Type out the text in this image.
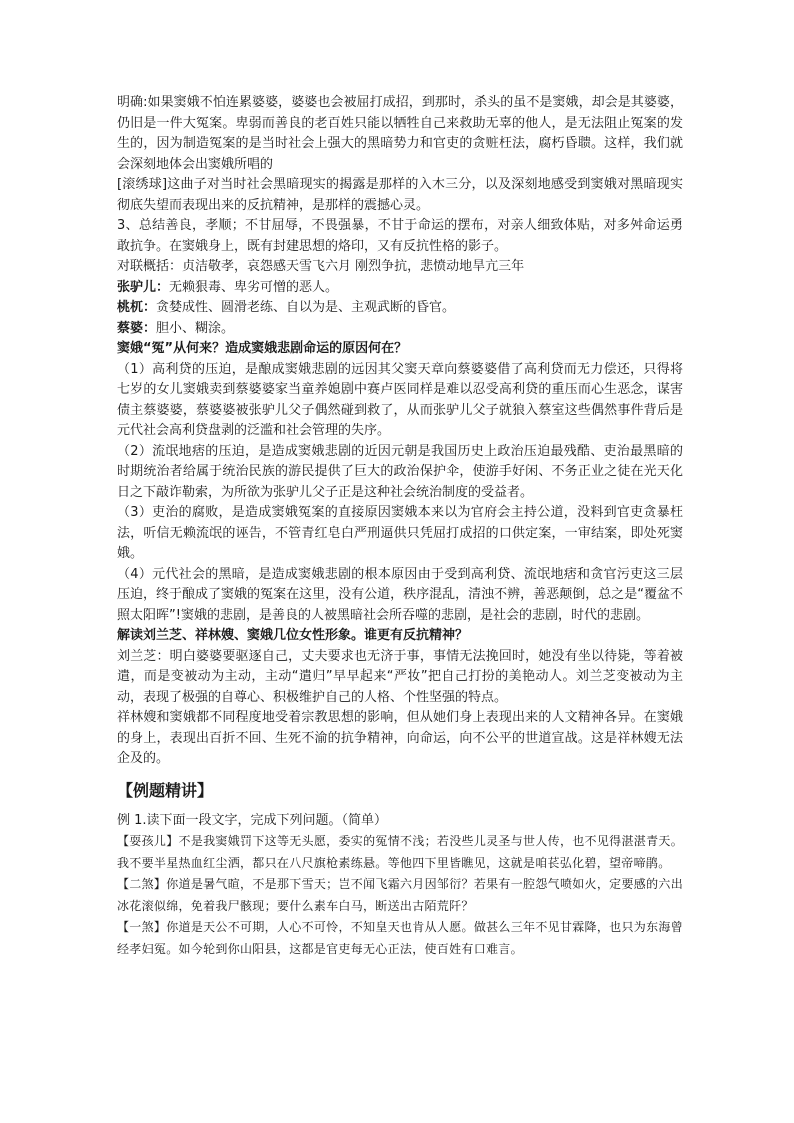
明确:如果窦娥不怕连累婆婆，婆婆也会被屈打成招，到那时，杀头的虽不是窦娥，却会是其婆婆，仍旧是一件大冤案。卑弱而善良的老百姓只能以牺牲自己来救助无辜的他人，是无法阻止冤案的发生的，因为制造冤案的是当时社会上强大的黑暗势力和官吏的贪赃枉法，腐朽昏聩。这样，我们就会深刻地体会出窦娥所唱的

[滚绣球]这曲子对当时社会黑暗现实的揭露是那样的入木三分，以及深刻地感受到窦娥对黑暗现实彻底失望而表现出来的反抗精神，是那样的震撼心灵。

3、总结善良，孝顺；不甘屈辱，不畏强暴，不甘于命运的摆布，对亲人细致体贴，对多舛命运勇敢抗争。在窦娥身上，既有封建思想的烙印，又有反抗性格的影子。

对联概括：贞洁敬孝，哀怨感天雪飞六月 刚烈争抗，悲愤动地旱亢三年

张驴儿：无赖狠毒、卑劣可憎的恶人。

桃杌：贪婪成性、圆滑老练、自以为是、主观武断的昏官。

蔡婆：胆小、糊涂。

窦娥“冤”从何来？造成窦娥悲剧命运的原因何在？

（1）高利贷的压迫，是酿成窦娥悲剧的远因其父窦天章向蔡婆婆借了高利贷而无力偿还，只得将七岁的女儿窦娥卖到蔡婆婆家当童养媳剧中赛卢医同样是难以忍受高利贷的重压而心生恶念，谋害债主蔡婆婆，蔡婆婆被张驴儿父子偶然碰到救了，从而张驴儿父子就狼入蔡室这些偶然事件背后是元代社会高利贷盘剥的泛滥和社会管理的失序。

（2）流氓地痞的压迫，是造成窦娥悲剧的近因元朝是我国历史上政治压迫最残酷、吏治最黑暗的时期统治者给属于统治民族的游民提供了巨大的政治保护伞，使游手好闲、不务正业之徒在光天化日之下敲诈勒索，为所欲为张驴儿父子正是这种社会统治制度的受益者。

（3）吏治的腐败，是造成窦娥冤案的直接原因窦娥本来以为官府会主持公道，没料到官吏贪暴枉法，听信无赖流氓的诬告，不管青红皂白严刑逼供只凭屈打成招的口供定案，一审结案，即处死窦娥。

（4）元代社会的黑暗，是造成窦娥悲剧的根本原因由于受到高利贷、流氓地痞和贪官污吏这三层压迫，终于酿成了窦娥的冤案在这里，没有公道，秩序混乱，清浊不辨，善恶颠倒，总之是“覆盆不照太阳晖”!窦娥的悲剧，是善良的人被黑暗社会所吞噬的悲剧，是社会的悲剧，时代的悲剧。

解读刘兰芝、祥林嫂、窦娥几位女性形象。谁更有反抗精神？

刘兰芝：明白婆婆要驱逐自己，丈夫要求也无济于事，事情无法挽回时，她没有坐以待毙，等着被遣，而是变被动为主动，主动“遣归”早早起来“严妆”把自己打扮的美艳动人。刘兰芝变被动为主动，表现了极强的自尊心、积极维护自己的人格、个性坚强的特点。

祥林嫂和窦娥都不同程度地受着宗教思想的影响，但从她们身上表现出来的人文精神各异。在窦娥的身上，表现出百折不回、生死不渝的抗争精神，向命运，向不公平的世道宣战。这是祥林嫂无法企及的。

【例题精讲】

例 1.读下面一段文字，完成下列问题。（简单）

【耍孩儿】不是我窦娥罚下这等无头愿，委实的冤情不浅；若没些儿灵圣与世人传，也不见得湛湛青天。我不要半星热血红尘洒，都只在八尺旗枪素练悬。等他四下里皆瞧见，这就是咱苌弘化碧，望帝啼鹃。

【二煞】你道是暑气暄，不是那下雪天；岂不闻飞霜六月因邹衍？若果有一腔怨气喷如火，定要感的六出冰花滚似绵，免着我尸骸现；要什么素车白马，断送出古陌荒阡？

【一煞】你道是天公不可期，人心不可怜，不知皇天也肯从人愿。做甚么三年不见甘霖降，也只为东海曾经孝妇冤。如今轮到你山阳县，这都是官吏每无心正法，使百姓有口难言。
